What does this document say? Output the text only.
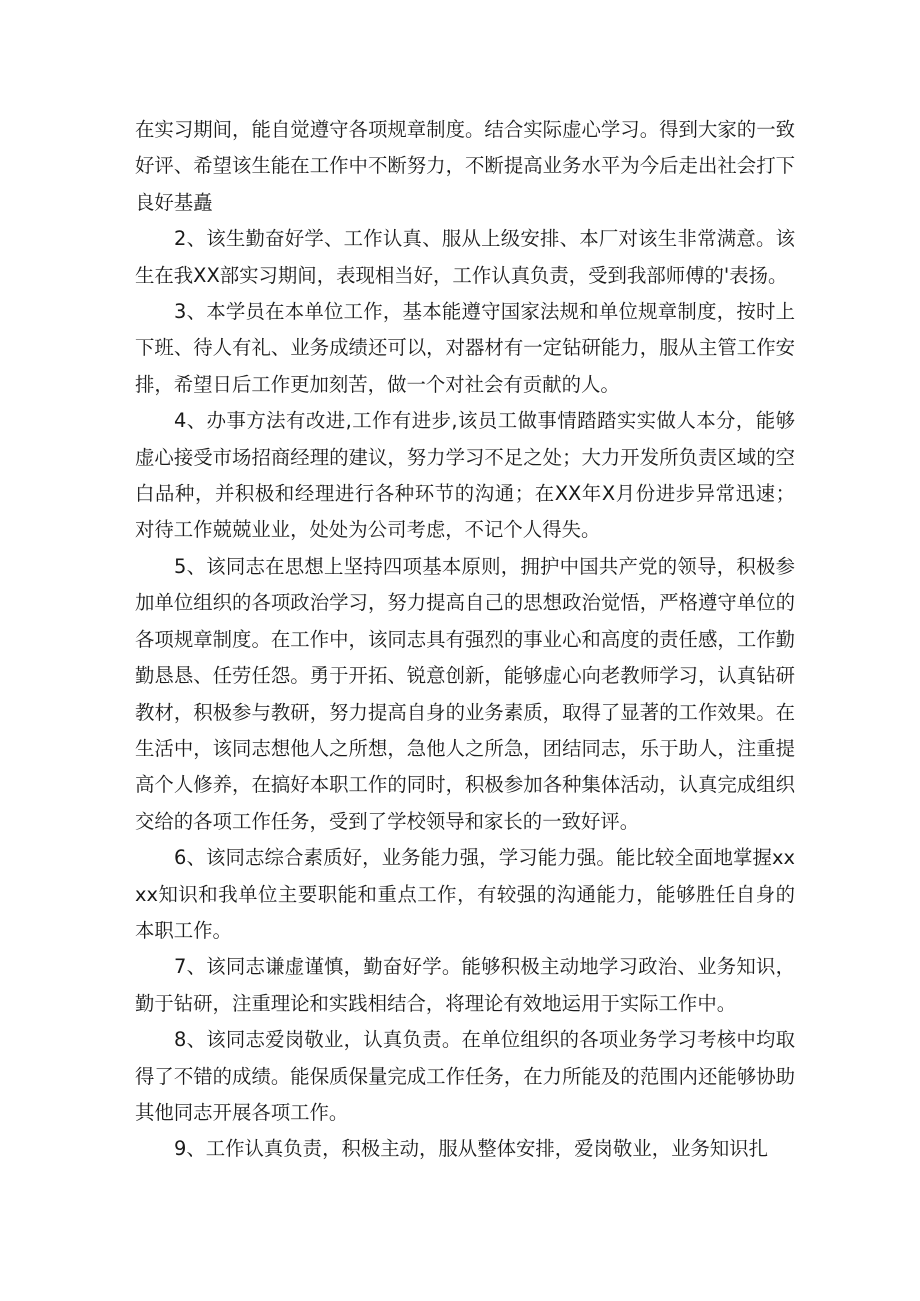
在实习期间，能自觉遵守各项规章制度。结合实际虚心学习。得到大家的一致好评、希望该生能在工作中不断努力，不断提高业务水平为今后走出社会打下良好基矗

2、该生勤奋好学、工作认真、服从上级安排、本厂对该生非常满意。该生在我XX部实习期间，表现相当好，工作认真负责，受到我部师傅的'表扬。

3、本学员在本单位工作，基本能遵守国家法规和单位规章制度，按时上下班、待人有礼、业务成绩还可以，对器材有一定钻研能力，服从主管工作安排，希望日后工作更加刻苦，做一个对社会有贡献的人。

4、办事方法有改进,工作有进步,该员工做事情踏踏实实做人本分，能够虚心接受市场招商经理的建议，努力学习不足之处；大力开发所负责区域的空白品种，并积极和经理进行各种环节的沟通；在XX年X月份进步异常迅速；对待工作兢兢业业，处处为公司考虑，不记个人得失。

5、该同志在思想上坚持四项基本原则，拥护中国共产党的领导，积极参加单位组织的各项政治学习，努力提高自己的思想政治觉悟，严格遵守单位的各项规章制度。在工作中，该同志具有强烈的事业心和高度的责任感，工作勤勤恳恳、任劳任怨。勇于开拓、锐意创新，能够虚心向老教师学习，认真钻研教材，积极参与教研，努力提高自身的业务素质，取得了显著的工作效果。在生活中，该同志想他人之所想，急他人之所急，团结同志，乐于助人，注重提高个人修养，在搞好本职工作的同时，积极参加各种集体活动，认真完成组织交给的各项工作任务，受到了学校领导和家长的一致好评。

6、该同志综合素质好，业务能力强，学习能力强。能比较全面地掌握xxxx知识和我单位主要职能和重点工作，有较强的沟通能力，能够胜任自身的本职工作。

7、该同志谦虚谨慎，勤奋好学。能够积极主动地学习政治、业务知识，勤于钻研，注重理论和实践相结合，将理论有效地运用于实际工作中。

8、该同志爱岗敬业，认真负责。在单位组织的各项业务学习考核中均取得了不错的成绩。能保质保量完成工作任务，在力所能及的范围内还能够协助其他同志开展各项工作。

9、工作认真负责，积极主动，服从整体安排，爱岗敬业，业务知识扎
